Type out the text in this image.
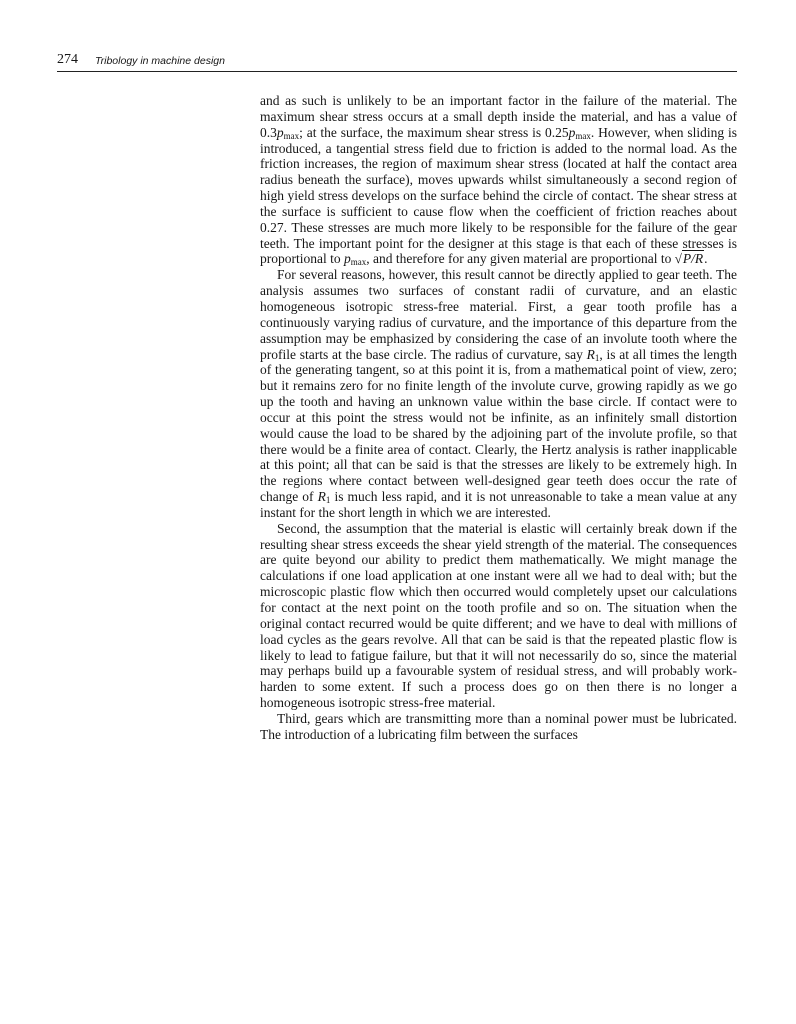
274 Tribology in machine design

and as such is unlikely to be an important factor in the failure of the material. The maximum shear stress occurs at a small depth inside the material, and has a value of $0.3p_{max}$; at the surface, the maximum shear stress is $0.25p_{max}$. However, when sliding is introduced, a tangential stress field due to friction is added to the normal load. As the friction increases, the region of maximum shear stress (located at half the contact area radius beneath the surface), moves upwards whilst simultaneously a second region of high yield stress develops on the surface behind the circle of contact. The shear stress at the surface is sufficient to cause flow when the coefficient of friction reaches about 0.27. These stresses are much more likely to be responsible for the failure of the gear teeth. The important point for the designer at this stage is that each of these stresses is proportional to $p_{max}$, and therefore for any given material are proportional to √P/R.

For several reasons, however, this result cannot be directly applied to gear teeth. The analysis assumes two surfaces of constant radii of curvature, and an elastic homogeneous isotropic stress-free material. First, a gear tooth profile has a continuously varying radius of curvature, and the importance of this departure from the assumption may be emphasized by considering the case of an involute tooth where the profile starts at the base circle. The radius of curvature, say $R_1$, is at all times the length of the generating tangent, so at this point it is, from a mathematical point of view, zero; but it remains zero for no finite length of the involute curve, growing rapidly as we go up the tooth and having an unknown value within the base circle. If contact were to occur at this point the stress would not be infinite, as an infinitely small distortion would cause the load to be shared by the adjoining part of the involute profile, so that there would be a finite area of contact. Clearly, the Hertz analysis is rather inapplicable at this point; all that can be said is that the stresses are likely to be extremely high. In the regions where contact between well-designed gear teeth does occur the rate of change of $R_1$ is much less rapid, and it is not unreasonable to take a mean value at any instant for the short length in which we are interested.

Second, the assumption that the material is elastic will certainly break down if the resulting shear stress exceeds the shear yield strength of the material. The consequences are quite beyond our ability to predict them mathematically. We might manage the calculations if one load application at one instant were all we had to deal with; but the microscopic plastic flow which then occurred would completely upset our calculations for contact at the next point on the tooth profile and so on. The situation when the original contact recurred would be quite different; and we have to deal with millions of load cycles as the gears revolve. All that can be said is that the repeated plastic flow is likely to lead to fatigue failure, but that it will not necessarily do so, since the material may perhaps build up a favourable system of residual stress, and will probably work-harden to some extent. If such a process does go on then there is no longer a homogeneous isotropic stress-free material.

Third, gears which are transmitting more than a nominal power must be lubricated. The introduction of a lubricating film between the surfaces
